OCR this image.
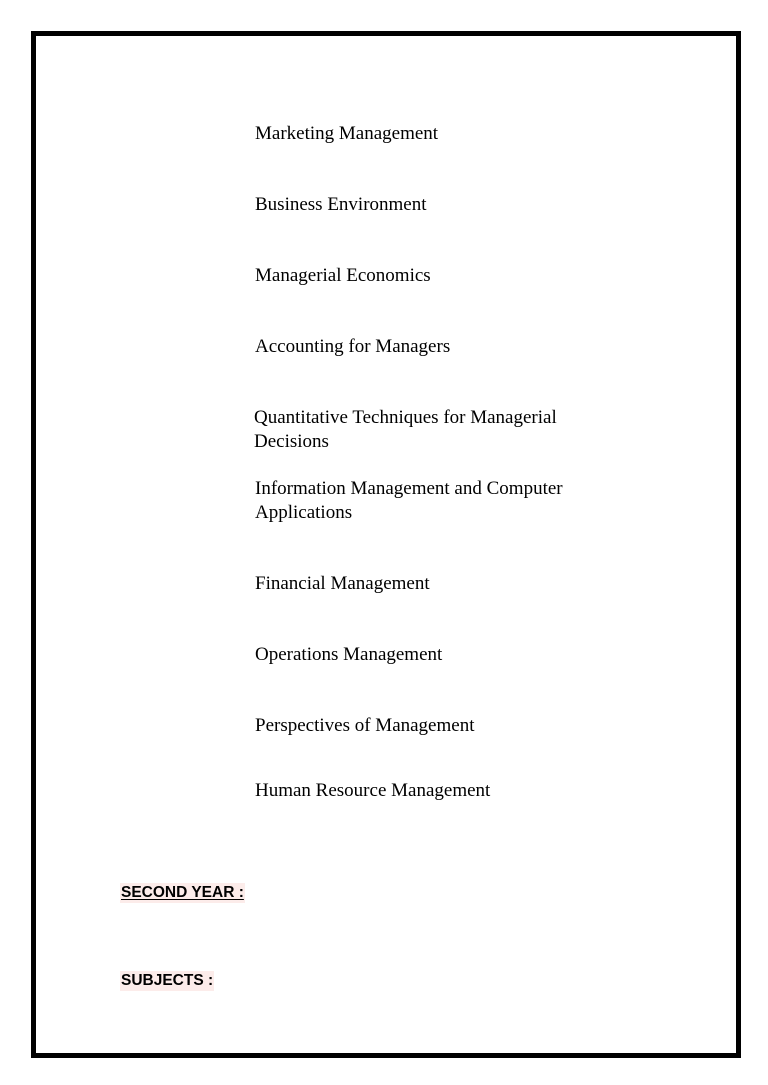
Marketing Management

Business Environment

Managerial Economics

Accounting for Managers

Quantitative Techniques for Managerial Decisions

Information Management and Computer Applications

Financial Management

Operations Management

Perspectives of Management

Human Resource Management

SECOND YEAR :

SUBJECTS :
